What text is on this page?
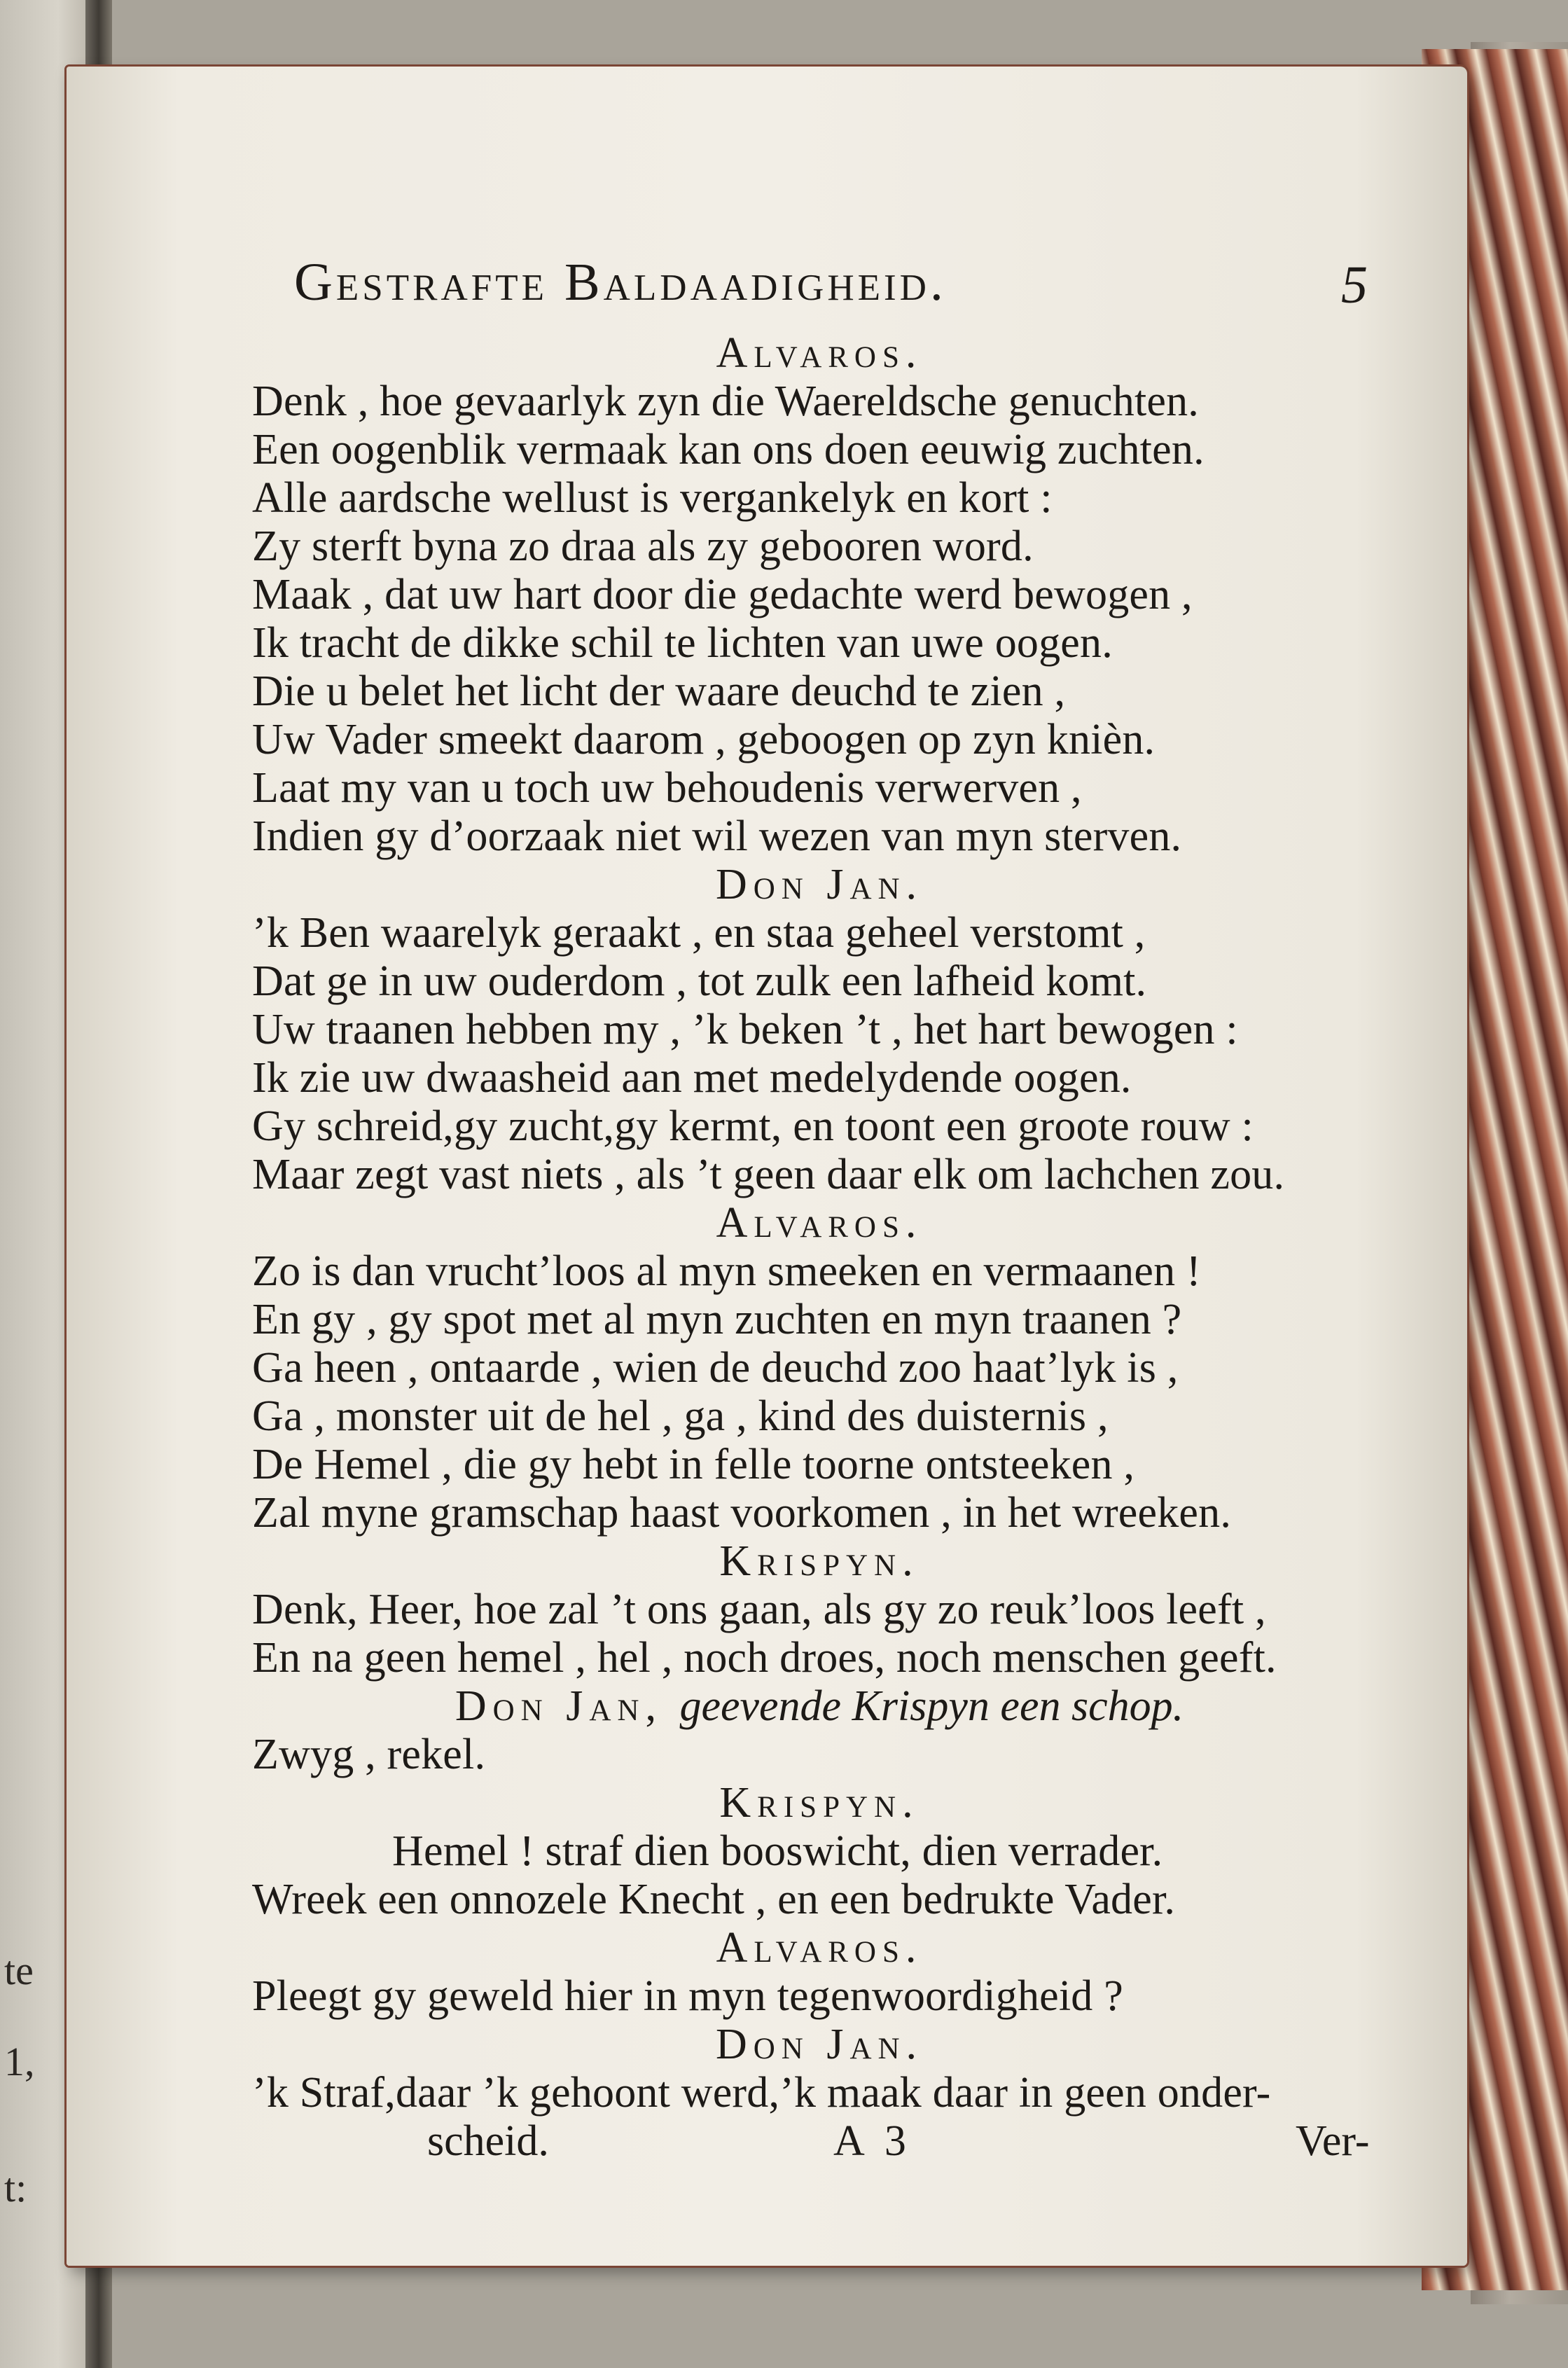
te
1,
t:
Gestrafte Baldaadigheid.	5
Alvaros.
Denk , hoe gevaarlyk zyn die Waereldsche genuchten.
Een oogenblik vermaak kan ons doen eeuwig zuchten.
Alle aardsche wellust is vergankelyk en kort :
Zy sterft byna zo draa als zy gebooren word.
Maak , dat uw hart door die gedachte werd bewogen ,
Ik tracht de dikke schil te lichten van uwe oogen.
Die u belet het licht der waare deuchd te zien ,
Uw Vader smeekt daarom , geboogen op zyn knièn.
Laat my van u toch uw behoudenis verwerven ,
Indien gy d’oorzaak niet wil wezen van myn sterven.
Don Jan.
’k Ben waarelyk geraakt , en staa geheel verstomt ,
Dat ge in uw ouderdom , tot zulk een lafheid komt.
Uw traanen hebben my , ’k beken ’t , het hart bewogen :
Ik zie uw dwaasheid aan met medelydende oogen.
Gy schreid,gy zucht,gy kermt, en toont een groote rouw :
Maar zegt vast niets , als ’t geen daar elk om lachchen zou.
Alvaros.
Zo is dan vrucht’loos al myn smeeken en vermaanen !
En gy , gy spot met al myn zuchten en myn traanen ?
Ga heen , ontaarde , wien de deuchd zoo haat’lyk is ,
Ga , monster uit de hel , ga , kind des duisternis ,
De Hemel , die gy hebt in felle toorne ontsteeken ,
Zal myne gramschap haast voorkomen , in het wreeken.
Krispyn.
Denk, Heer, hoe zal ’t ons gaan, als gy zo reuk’loos leeft ,
En na geen hemel , hel , noch droes, noch menschen geeft.
Don Jan, geevende Krispyn een schop.
Zwyg , rekel.
Krispyn.
Hemel ! straf dien booswicht, dien verrader.
Wreek een onnozele Knecht , en een bedrukte Vader.
Alvaros.
Pleegt gy geweld hier in myn tegenwoordigheid ?
Don Jan.
’k Straf,daar ’k gehoont werd,’k maak daar in geen onder-
scheid.	A 3	Ver-
